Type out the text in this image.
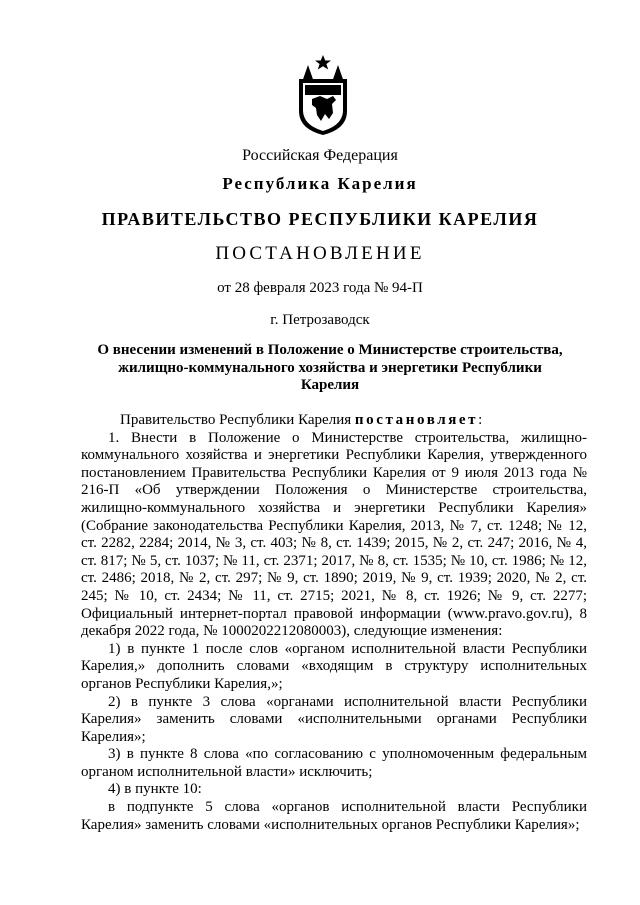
Российская Федерация
Республика Карелия
ПРАВИТЕЛЬСТВО РЕСПУБЛИКИ КАРЕЛИЯ
ПОСТАНОВЛЕНИЕ
от 28 февраля 2023 года № 94-П
г. Петрозаводск
О внесении изменений в Положение о Министерстве строительства, жилищно-коммунального хозяйства и энергетики Республики Карелия

Правительство Республики Карелия постановляет:

1. Внести в Положение о Министерстве строительства, жилищно-коммунального хозяйства и энергетики Республики Карелия, утвержденного постановлением Правительства Республики Карелия от 9 июля 2013 года № 216-П «Об утверждении Положения о Министерстве строительства, жилищно-коммунального хозяйства и энергетики Республики Карелия» (Собрание законодательства Республики Карелия, 2013, № 7, ст. 1248; № 12, ст. 2282, 2284; 2014, № 3, ст. 403; № 8, ст. 1439; 2015, № 2, ст. 247; 2016, № 4, ст. 817; № 5, ст. 1037; № 11, ст. 2371; 2017, № 8, ст. 1535; № 10, ст. 1986; № 12, ст. 2486; 2018, № 2, ст. 297; № 9, ст. 1890; 2019, № 9, ст. 1939; 2020, № 2, ст. 245; № 10, ст. 2434; № 11, ст. 2715; 2021, № 8, ст. 1926; № 9, ст. 2277; Официальный интернет-портал правовой информации (www.pravo.gov.ru), 8 декабря 2022 года, № 1000202212080003), следующие изменения:

1) в пункте 1 после слов «органом исполнительной власти Республики Карелия,» дополнить словами «входящим в структуру исполнительных органов Республики Карелия,»;

2) в пункте 3 слова «органами исполнительной власти Республики Карелия» заменить словами «исполнительными органами Республики Карелия»;

3) в пункте 8 слова «по согласованию с уполномоченным федеральным органом исполнительной власти» исключить;

4) в пункте 10:

в подпункте 5 слова «органов исполнительной власти Республики Карелия» заменить словами «исполнительных органов Республики Карелия»;
